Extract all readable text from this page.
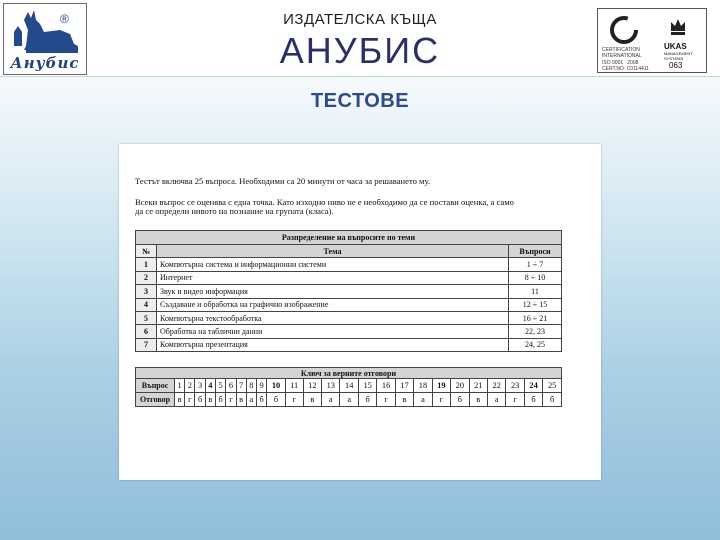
®
Анубис
ИЗДАТЕЛСКА КЪЩА
АНУБИС	CERTIFICATION
INTERNATIONAL
ISO 9001 : 2008
CERT.NO: C0114411
UKAS
MANAGEMENT
SYSTEMS
063
ТЕСТОВЕ
Тестът включва 25 въпроса. Необходими са 20 минути от часа за решаването му.
Всеки въпрос се оценява с една точка. Като изходно ниво не е необходимо да се постави оценка, а само
да се определи нивото на познание на групата (класа).
Разпределение на въпросите по теми		
№	Тема	Въпроси
1	Компютърна система и информационни системи	1 ÷ 7
2	Интернет	8 ÷ 10
3	Звук и видео информация	11
4	Създаване и обработка на графично изображение	12 ÷ 15
5	Компютърна текстообработка	16 ÷ 21
6	Обработка на таблични данни	22, 23
7	Компютърна презентация	24, 25
Ключ за верните отговори																									
Въпрос	1	2	3	4	5	6	7	8	9	10	11	12	13	14	15	16	17	18	19	20	21	22	23	24	25
Отговор	в	г	б	в	б	г	в	а	б	б	г	в	а	а	б	г	в	а	г	б	в	а	г	б	б
